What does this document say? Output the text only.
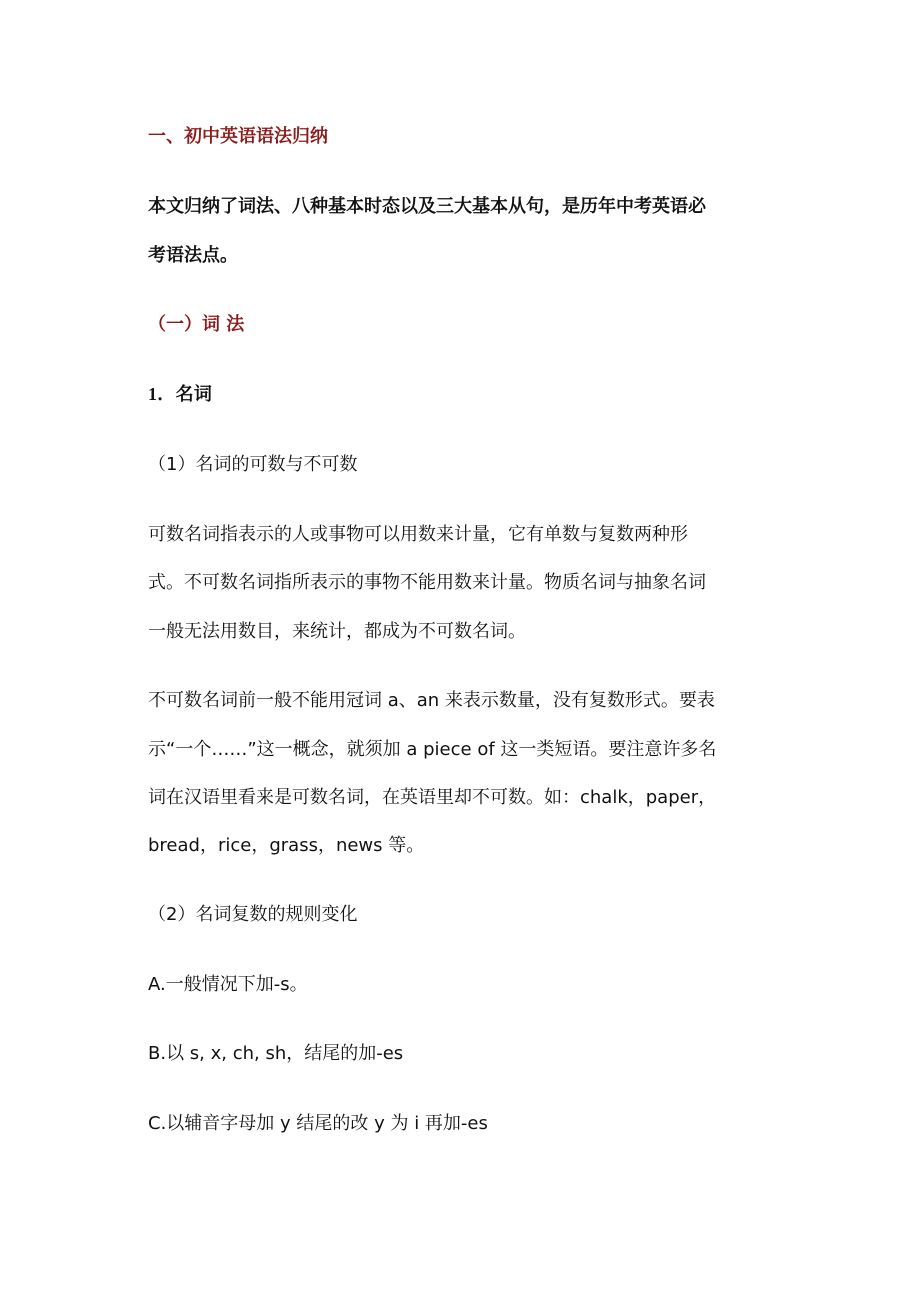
一、初中英语语法归纳
本文归纳了词法、八种基本时态以及三大基本从句，是历年中考英语必
考语法点。
（一）词 法
1．名词
（1）名词的可数与不可数
可数名词指表示的人或事物可以用数来计量，它有单数与复数两种形
式。不可数名词指所表示的事物不能用数来计量。物质名词与抽象名词
一般无法用数目，来统计，都成为不可数名词。
不可数名词前一般不能用冠词 a、an 来表示数量，没有复数形式。要表
示“一个……”这一概念，就须加 a piece of 这一类短语。要注意许多名
词在汉语里看来是可数名词，在英语里却不可数。如：chalk，paper，
bread，rice，grass，news 等。
（2）名词复数的规则变化
A.一般情况下加-s。
B.以 s, x, ch, sh，结尾的加-es
C.以辅音字母加 y 结尾的改 y 为 i 再加-es
